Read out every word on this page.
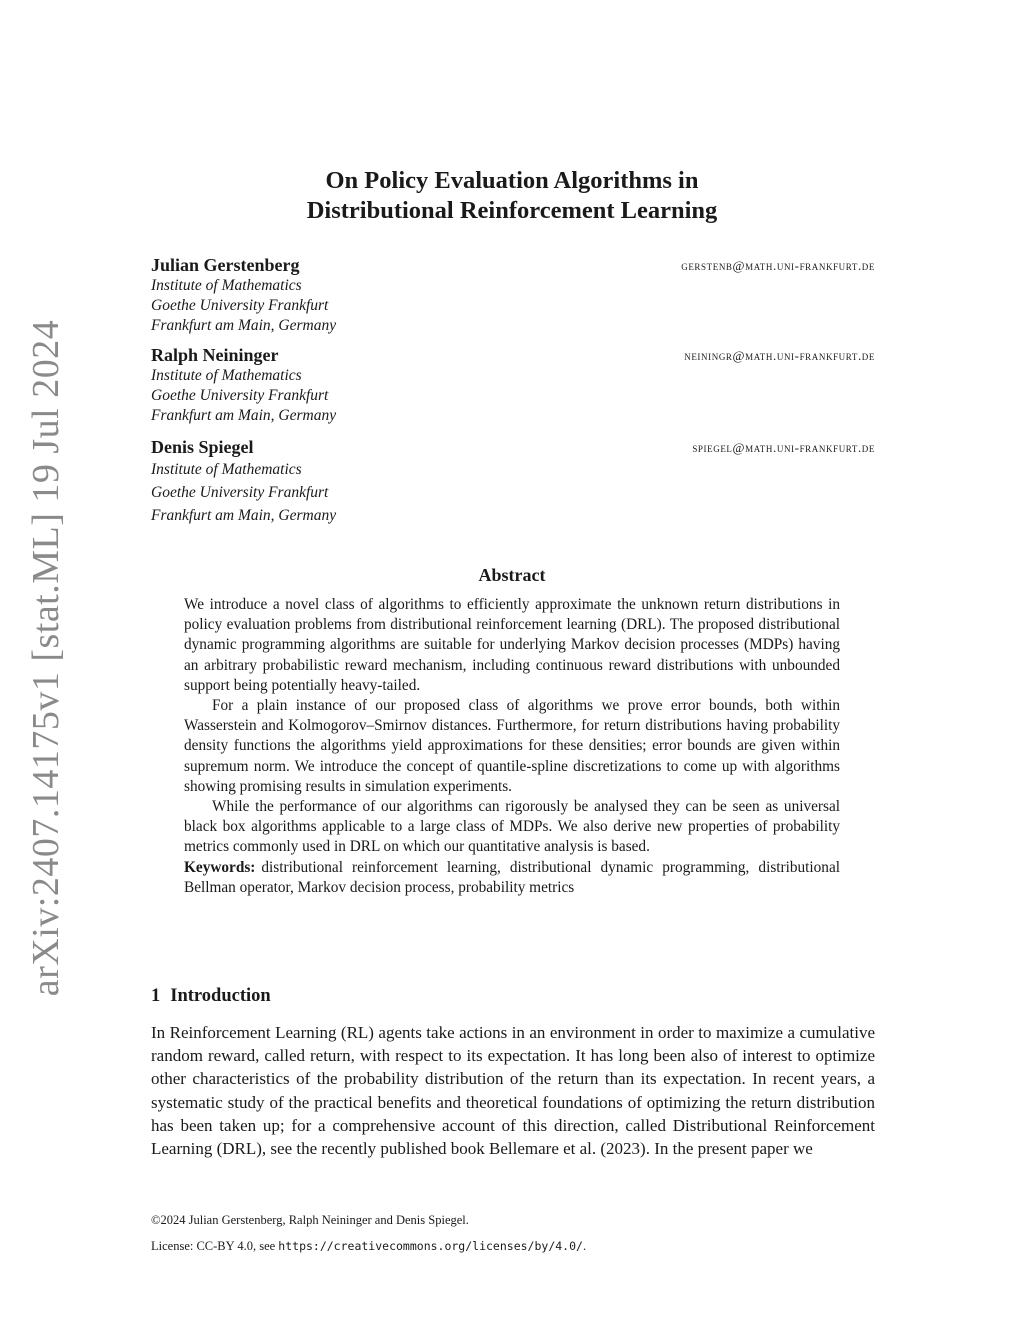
arXiv:2407.14175v1 [stat.ML] 19 Jul 2024
On Policy Evaluation Algorithms in
Distributional Reinforcement Learning
Julian Gerstenberg	gerstenb@math.uni-frankfurt.de
Institute of Mathematics
Goethe University Frankfurt
Frankfurt am Main, Germany
Ralph Neininger	neiningr@math.uni-frankfurt.de
Institute of Mathematics
Goethe University Frankfurt
Frankfurt am Main, Germany
Denis Spiegel	spiegel@math.uni-frankfurt.de
Institute of Mathematics
Goethe University Frankfurt
Frankfurt am Main, Germany
Abstract

We introduce a novel class of algorithms to efficiently approximate the unknown return distributions in policy evaluation problems from distributional reinforcement learning (DRL). The proposed distributional dynamic programming algorithms are suitable for underlying Markov decision processes (MDPs) having an arbitrary probabilistic reward mechanism, including continuous reward distributions with unbounded support being potentially heavy-tailed.

For a plain instance of our proposed class of algorithms we prove error bounds, both within Wasserstein and Kolmogorov–Smirnov distances. Furthermore, for return distributions having probability density functions the algorithms yield approximations for these densities; error bounds are given within supremum norm. We introduce the concept of quantile-spline discretizations to come up with algorithms showing promising results in simulation experiments.

While the performance of our algorithms can rigorously be analysed they can be seen as universal black box algorithms applicable to a large class of MDPs. We also derive new properties of probability metrics commonly used in DRL on which our quantitative analysis is based.

Keywords: distributional reinforcement learning, distributional dynamic programming, distributional Bellman operator, Markov decision process, probability metrics

1 Introduction

In Reinforcement Learning (RL) agents take actions in an environment in order to maximize a cumulative random reward, called return, with respect to its expectation. It has long been also of interest to optimize other characteristics of the probability distribution of the return than its expectation. In recent years, a systematic study of the practical benefits and theoretical foundations of optimizing the return distribution has been taken up; for a comprehensive account of this direction, called Distributional Reinforcement Learning (DRL), see the recently published book Bellemare et al. (2023). In the present paper we

©2024 Julian Gerstenberg, Ralph Neininger and Denis Spiegel.
License: CC-BY 4.0, see https://creativecommons.org/licenses/by/4.0/.
